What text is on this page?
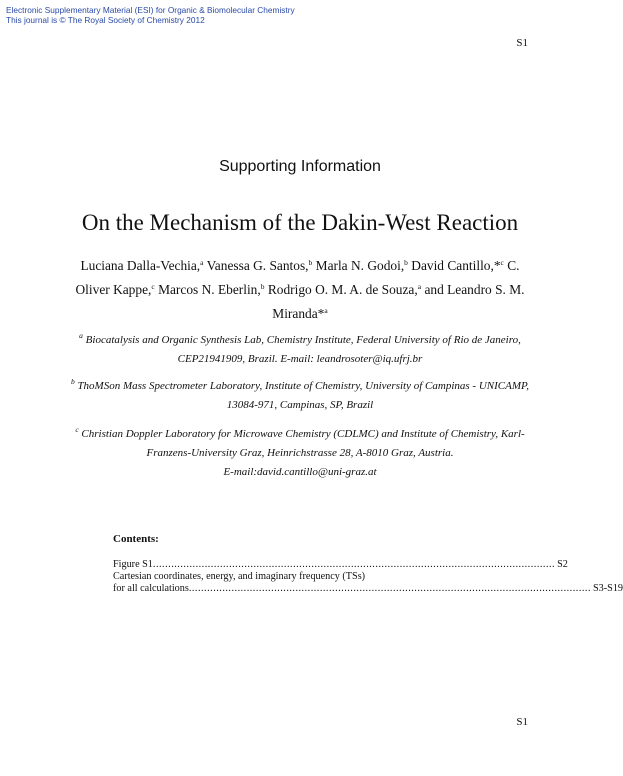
Electronic Supplementary Material (ESI) for Organic & Biomolecular Chemistry
This journal is © The Royal Society of Chemistry 2012
S1
Supporting Information
On the Mechanism of the Dakin-West Reaction
Luciana Dalla-Vechia,$^a$ Vanessa G. Santos,$^b$ Marla N. Godoi,$^b$ David Cantillo,*$^c$ C. Oliver Kappe,$^c$ Marcos N. Eberlin,$^b$ Rodrigo O. M. A. de Souza,$^a$ and Leandro S. M. Miranda*$^a$
$^a$ Biocatalysis and Organic Synthesis Lab, Chemistry Institute, Federal University of Rio de Janeiro, CEP21941909, Brazil. E-mail: leandrosoter@iq.ufrj.br
$^b$ ThoMSon Mass Spectrometer Laboratory, Institute of Chemistry, University of Campinas - UNICAMP, 13084-971, Campinas, SP, Brazil
$^c$ Christian Doppler Laboratory for Microwave Chemistry (CDLMC) and Institute of Chemistry, Karl-Franzens-University Graz, Heinrichstrasse 28, A-8010 Graz, Austria.
E-mail:david.cantillo@uni-graz.at
Contents:
Figure S1 .................................................................................................................................... S2
Cartesian coordinates, energy, and imaginary frequency (TSs)
for all calculations .................................................................................................................................... S3-S19
S1
